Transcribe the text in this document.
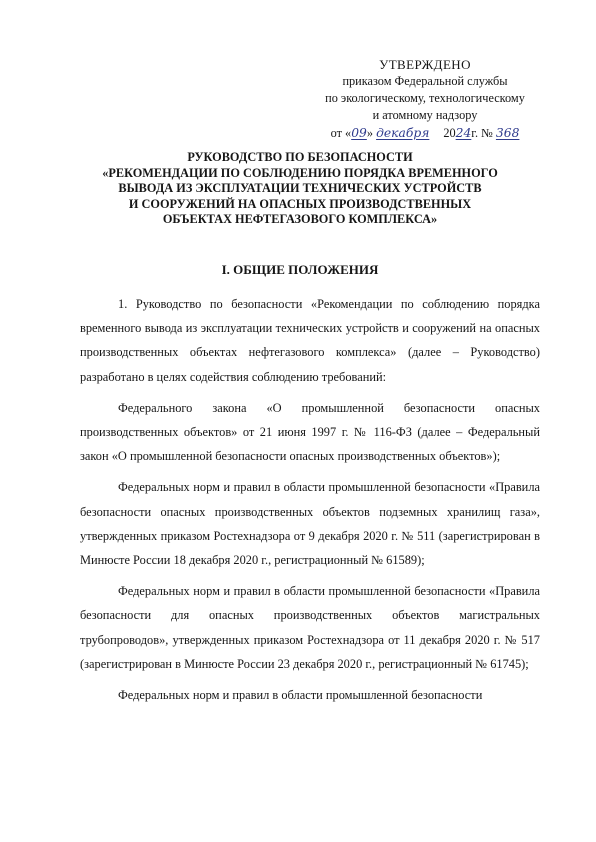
УТВЕРЖДЕНО
приказом Федеральной службы
по экологическому, технологическому
и атомному надзору
от «09» декабря 2024г. № 368
РУКОВОДСТВО ПО БЕЗОПАСНОСТИ
«РЕКОМЕНДАЦИИ ПО СОБЛЮДЕНИЮ ПОРЯДКА ВРЕМЕННОГО
ВЫВОДА ИЗ ЭКСПЛУАТАЦИИ ТЕХНИЧЕСКИХ УСТРОЙСТВ
И СООРУЖЕНИЙ НА ОПАСНЫХ ПРОИЗВОДСТВЕННЫХ
ОБЪЕКТАХ НЕФТЕГАЗОВОГО КОМПЛЕКСА»
I. ОБЩИЕ ПОЛОЖЕНИЯ

1. Руководство по безопасности «Рекомендации по соблюдению порядка временного вывода из эксплуатации технических устройств и сооружений на опасных производственных объектах нефтегазового комплекса» (далее – Руководство) разработано в целях содействия соблюдению требований:

Федерального закона «О промышленной безопасности опасных производственных объектов» от 21 июня 1997 г. № 116-ФЗ (далее – Федеральный закон «О промышленной безопасности опасных производственных объектов»);

Федеральных норм и правил в области промышленной безопасности «Правила безопасности опасных производственных объектов подземных хранилищ газа», утвержденных приказом Ростехнадзора от 9 декабря 2020 г. № 511 (зарегистрирован в Минюсте России 18 декабря 2020 г., регистрационный № 61589);

Федеральных норм и правил в области промышленной безопасности «Правила безопасности для опасных производственных объектов магистральных трубопроводов», утвержденных приказом Ростехнадзора от 11 декабря 2020 г. № 517 (зарегистрирован в Минюсте России 23 декабря 2020 г., регистрационный № 61745);

Федеральных норм и правил в области промышленной безопасности
